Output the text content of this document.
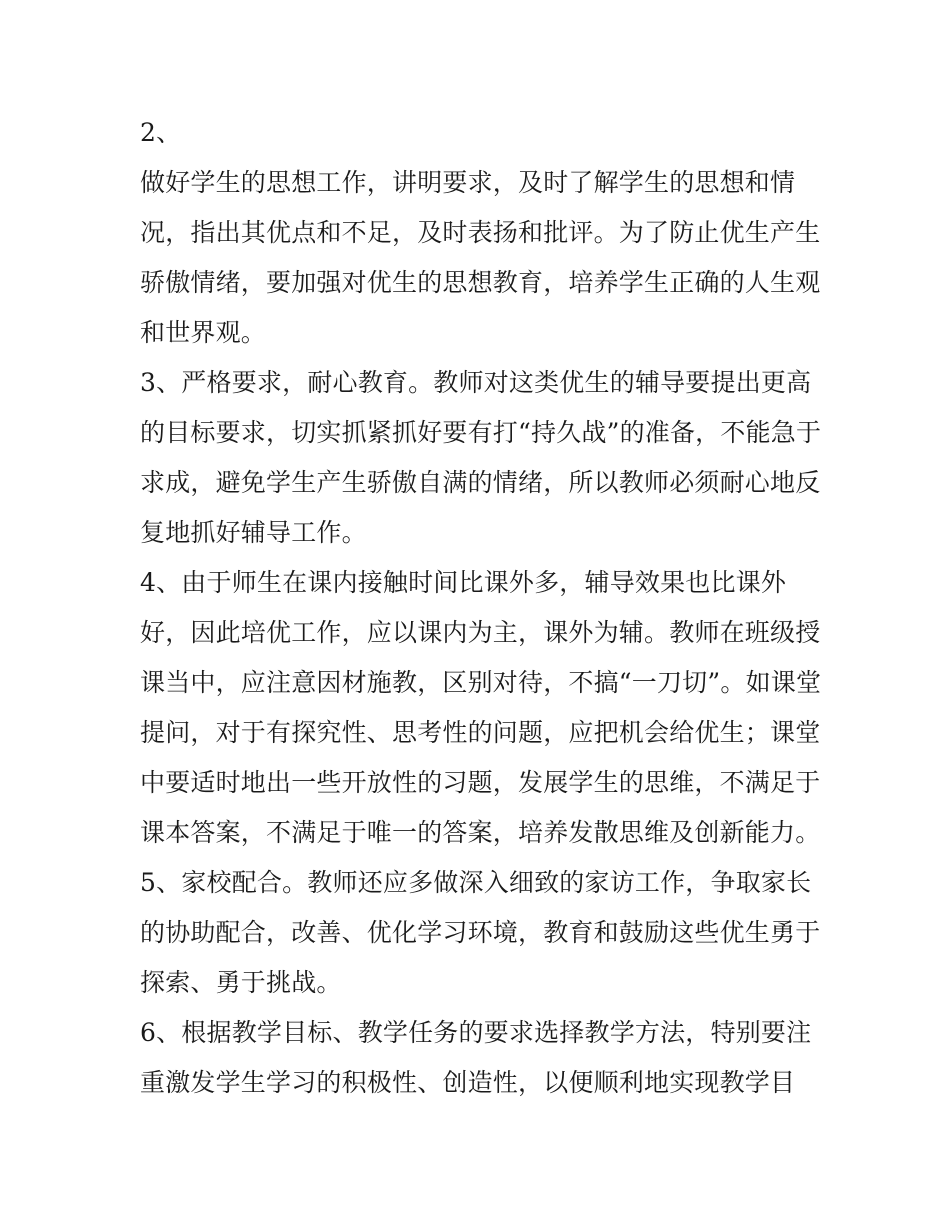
2、

做好学生的思想工作，讲明要求，及时了解学生的思想和情
况，指出其优点和不足，及时表扬和批评。为了防止优生产生
骄傲情绪，要加强对优生的思想教育，培养学生正确的人生观
和世界观。

3、严格要求，耐心教育。教师对这类优生的辅导要提出更高
的目标要求，切实抓紧抓好要有打“持久战”的准备，不能急于
求成，避免学生产生骄傲自满的情绪，所以教师必须耐心地反
复地抓好辅导工作。

4、由于师生在课内接触时间比课外多，辅导效果也比课外
好，因此培优工作，应以课内为主，课外为辅。教师在班级授
课当中，应注意因材施教，区别对待，不搞“一刀切”。如课堂
提问，对于有探究性、思考性的问题，应把机会给优生；课堂
中要适时地出一些开放性的习题，发展学生的思维，不满足于
课本答案，不满足于唯一的答案，培养发散思维及创新能力。

5、家校配合。教师还应多做深入细致的家访工作，争取家长
的协助配合，改善、优化学习环境，教育和鼓励这些优生勇于
探索、勇于挑战。

6、根据教学目标、教学任务的要求选择教学方法，特别要注
重激发学生学习的积极性、创造性，以便顺利地实现教学目
